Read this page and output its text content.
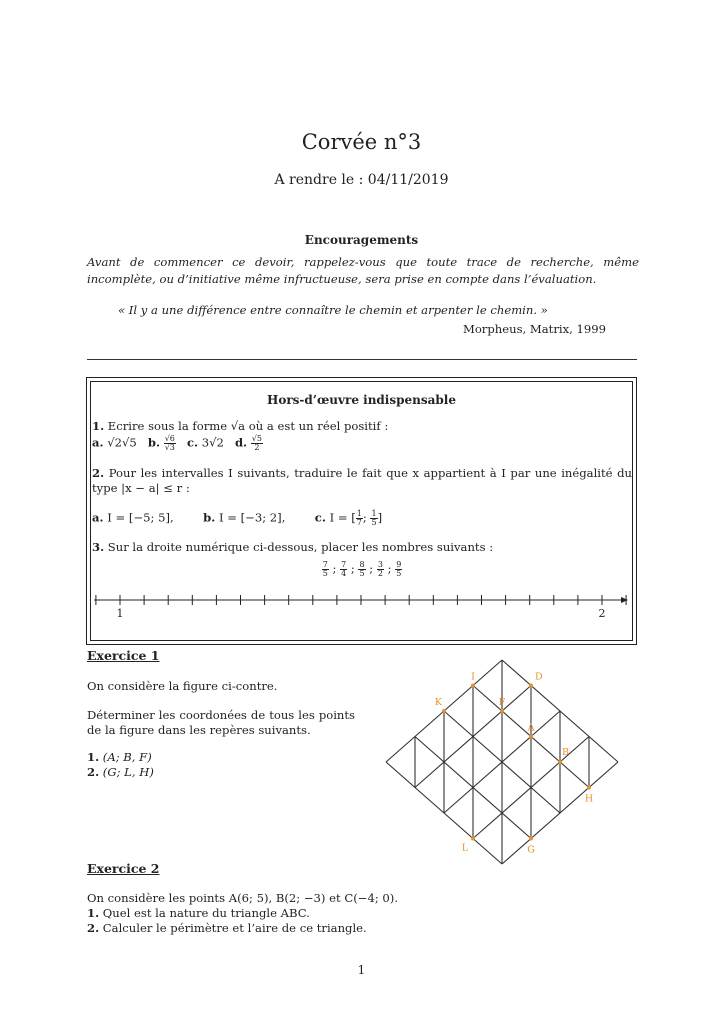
Corvée n°3
A rendre le : 04/11/2019
Encouragements
Avant de commencer ce devoir, rappelez-vous que toute trace de recherche, même incomplète, ou d’initiative même infructueuse, sera prise en compte dans l’évaluation.
« Il y a une différence entre connaître le chemin et arpenter le chemin. »
Morpheus, Matrix, 1999
Hors-d’œuvre indispensable
1. Ecrire sous la forme √a où a est un réel positif :
a. √2√5 b. $\frac{√6}{√3} c$. 3√2 d. $\frac{√5}{2}$
2. Pour les intervalles I suivants, traduire le fait que x appartient à I par une inégalité du type |x − a| ≤ r :
a. I = [−5; 5],	b. I = [−3; 2],	c. I = [ $\frac{1}{7}$ ; $\frac{1}{5}$ ]
3. Sur la droite numérique ci-dessous, placer les nombres suivants :
$\frac{7}{5}$ ; $\frac{7}{4}$ ; $\frac{8}{5}$ ; $\frac{3}{2}$ ; $\frac{9}{5}$
1	2
Exercice 1
On considère la figure ci-contre.
Déterminer les coordonées de tous les points de la figure dans les repères suivants.
1. (A; B, F)
2. (G; L, H)
I
K	F
D
A
B
L
H
G
Exercice 2
On considère les points A(6; 5), B(2; −3) et C(−4; 0).
1. Quel est la nature du triangle ABC.
2. Calculer le périmètre et l’aire de ce triangle.
1
